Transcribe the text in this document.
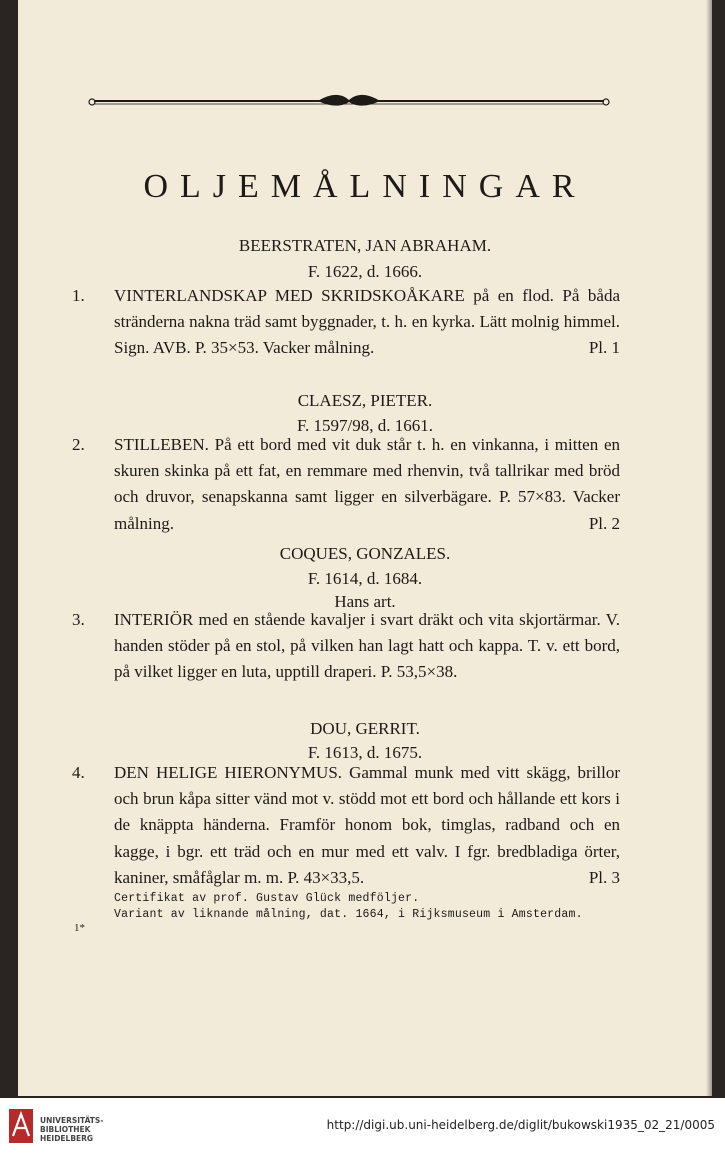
OLJEMÅLNINGAR
BEERSTRATEN, JAN ABRAHAM.
F. 1622, d. 1666.
1. VINTERLANDSKAP MED SKRIDSKOÅKARE på en flod. På båda stränderna nakna träd samt byggnader, t. h. en kyrka. Lätt molnig himmel. Sign. AVB. P. 35×53. Vacker målning.	Pl. 1
CLAESZ, PIETER.
F. 1597/98, d. 1661.
2. STILLEBEN. På ett bord med vit duk står t. h. en vinkanna, i mitten en skuren skinka på ett fat, en remmare med rhenvin, två tallrikar med bröd och druvor, senapskanna samt ligger en silverbägare. P. 57×83. Vacker målning.	Pl. 2
COQUES, GONZALES.
F. 1614, d. 1684.
Hans art.
3. INTERIÖR med en stående kavaljer i svart dräkt och vita skjortärmar. V. handen stöder på en stol, på vilken han lagt hatt och kappa. T. v. ett bord, på vilket ligger en luta, upptill draperi. P. 53,5×38.
DOU, GERRIT.
F. 1613, d. 1675.
4. DEN HELIGE HIERONYMUS. Gammal munk med vitt skägg, brillor och brun kåpa sitter vänd mot v. stödd mot ett bord och hållande ett kors i de knäppta händerna. Framför honom bok, timglas, radband och en kagge, i bgr. ett träd och en mur med ett valv. I fgr. bredbladiga örter, kaniner, småfåglar m. m. P. 43×33,5.	Pl. 3
Certifikat av prof. Gustav Glück medföljer.
Variant av liknande målning, dat. 1664, i Rijksmuseum i Amsterdam.
1*
UNIVERSITÄTS-
BIBLIOTHEK
HEIDELBERG
http://digi.ub.uni-heidelberg.de/diglit/bukowski1935_02_21/0005
